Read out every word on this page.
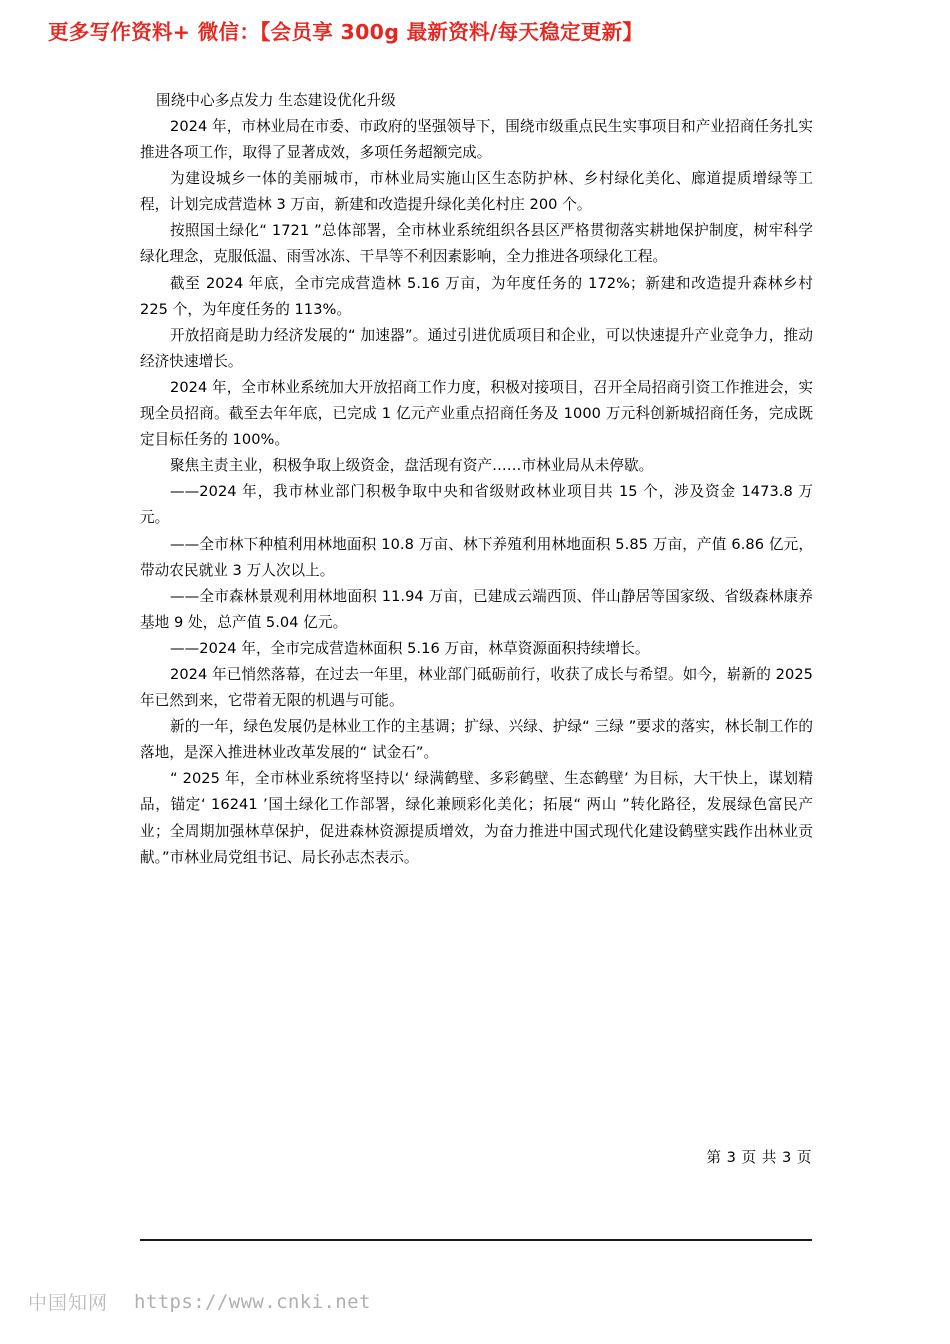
更多写作资料+ 微信：【会员享 300g 最新资料/每天稳定更新】

围绕中心多点发力 生态建设优化升级

2024 年，市林业局在市委、市政府的坚强领导下，围绕市级重点民生实事项目和产业招商任务扎实推进各项工作，取得了显著成效，多项任务超额完成。

为建设城乡一体的美丽城市，市林业局实施山区生态防护林、乡村绿化美化、廊道提质增绿等工程，计划完成营造林 3 万亩，新建和改造提升绿化美化村庄 200 个。

按照国土绿化“ 1721 ”总体部署，全市林业系统组织各县区严格贯彻落实耕地保护制度，树牢科学绿化理念，克服低温、雨雪冰冻、干旱等不利因素影响，全力推进各项绿化工程。

截至 2024 年底，全市完成营造林 5.16 万亩，为年度任务的 172%；新建和改造提升森林乡村 225 个，为年度任务的 113%。

开放招商是助力经济发展的“ 加速器”。通过引进优质项目和企业，可以快速提升产业竞争力，推动经济快速增长。

2024 年，全市林业系统加大开放招商工作力度，积极对接项目，召开全局招商引资工作推进会，实现全员招商。截至去年年底，已完成 1 亿元产业重点招商任务及 1000 万元科创新城招商任务，完成既定目标任务的 100%。

聚焦主责主业，积极争取上级资金，盘活现有资产……市林业局从未停歇。

——2024 年，我市林业部门积极争取中央和省级财政林业项目共 15 个，涉及资金 1473.8 万元。

——全市林下种植利用林地面积 10.8 万亩、林下养殖利用林地面积 5.85 万亩，产值 6.86 亿元，带动农民就业 3 万人次以上。

——全市森林景观利用林地面积 11.94 万亩，已建成云端西顶、伴山静居等国家级、省级森林康养基地 9 处，总产值 5.04 亿元。

——2024 年，全市完成营造林面积 5.16 万亩，林草资源面积持续增长。

2024 年已悄然落幕，在过去一年里，林业部门砥砺前行，收获了成长与希望。如今，崭新的 2025 年已然到来，它带着无限的机遇与可能。

新的一年，绿色发展仍是林业工作的主基调；扩绿、兴绿、护绿“ 三绿 ”要求的落实，林长制工作的落地，是深入推进林业改革发展的“ 试金石”。

“ 2025 年，全市林业系统将坚持以‘ 绿满鹤壁、多彩鹤壁、生态鹤壁’ 为目标，大干快上，谋划精品，锚定‘ 16241 ’国土绿化工作部署，绿化兼顾彩化美化；拓展“ 两山 ”转化路径，发展绿色富民产业；全周期加强林草保护，促进森林资源提质增效，为奋力推进中国式现代化建设鹤壁实践作出林业贡献。”市林业局党组书记、局长孙志杰表示。

第 3 页 共 3 页
中国知网 https://www.cnki.net
